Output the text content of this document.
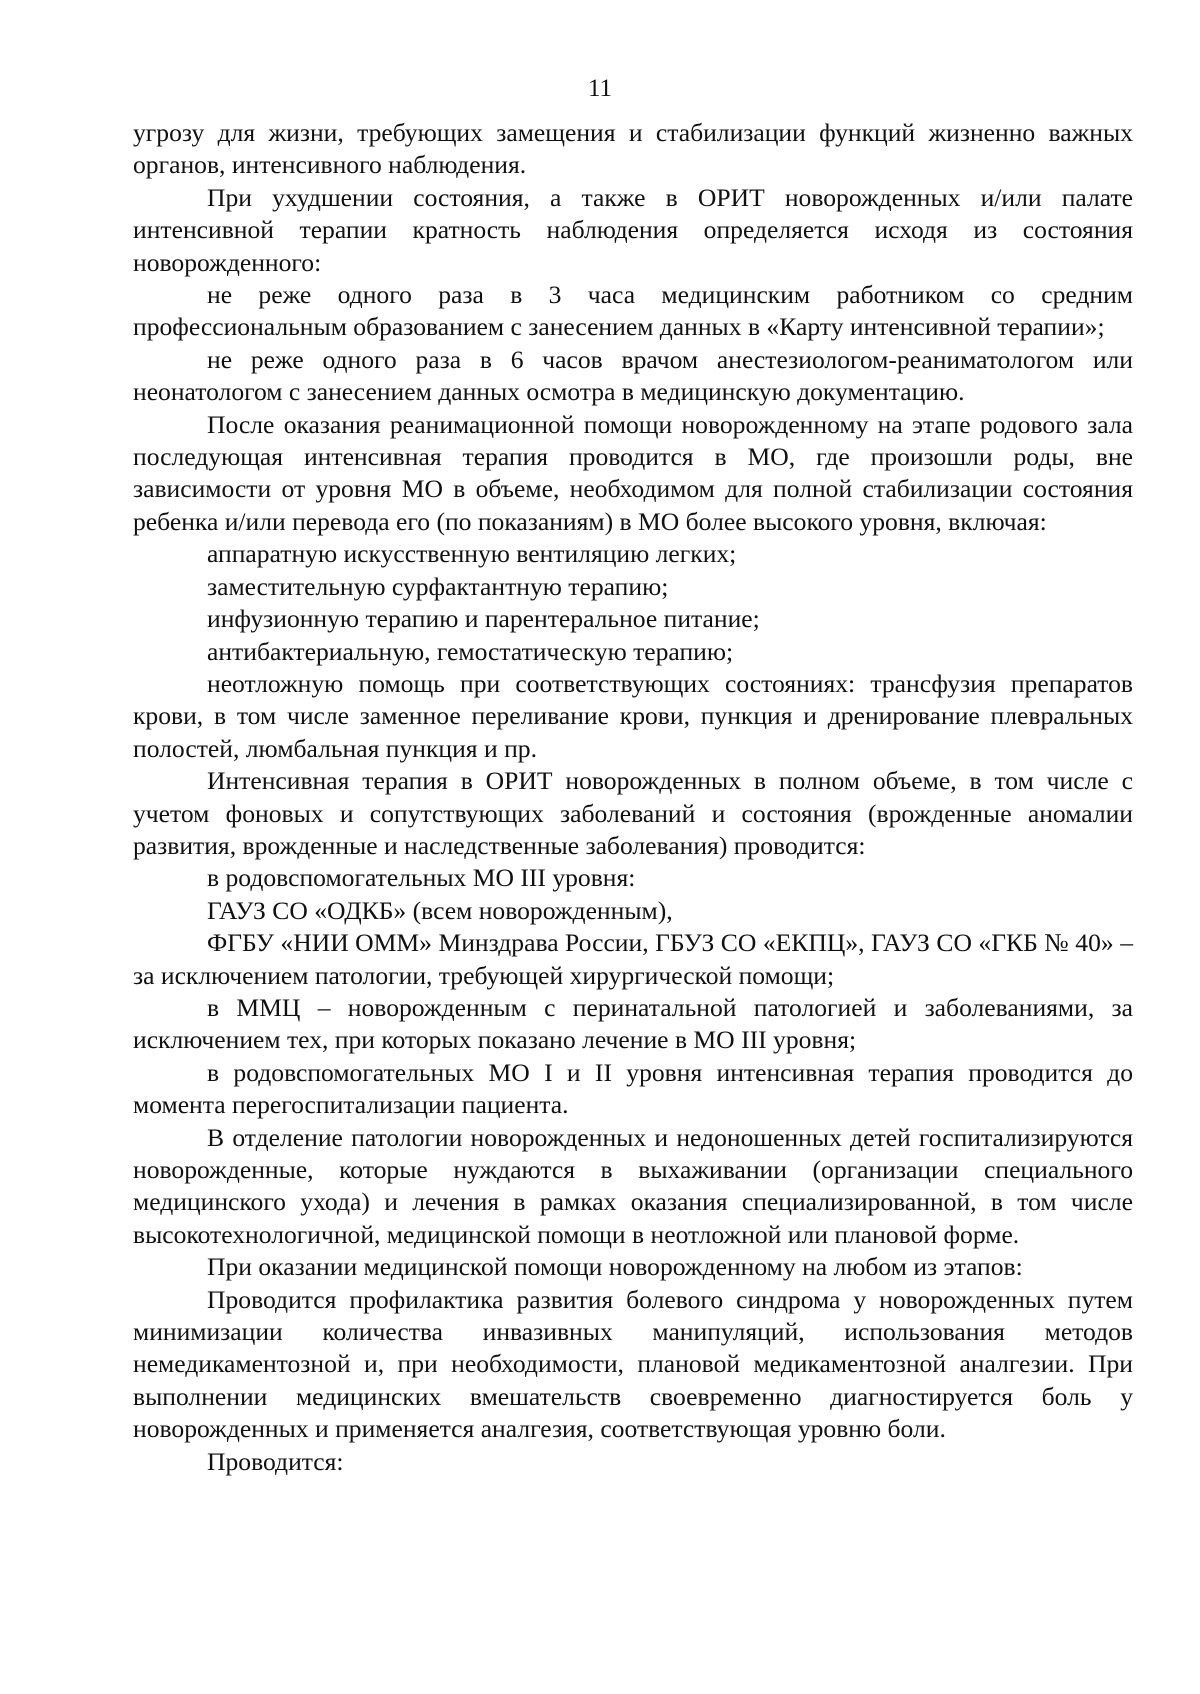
11

угрозу для жизни, требующих замещения и стабилизации функций жизненно важных органов, интенсивного наблюдения.

При ухудшении состояния, а также в ОРИТ новорожденных и/или палате интенсивной терапии кратность наблюдения определяется исходя из состояния новорожденного:

не реже одного раза в 3 часа медицинским работником со средним профессиональным образованием с занесением данных в «Карту интенсивной терапии»;

не реже одного раза в 6 часов врачом анестезиологом-реаниматологом или неонатологом с занесением данных осмотра в медицинскую документацию.

После оказания реанимационной помощи новорожденному на этапе родового зала последующая интенсивная терапия проводится в МО, где произошли роды, вне зависимости от уровня МО в объеме, необходимом для полной стабилизации состояния ребенка и/или перевода его (по показаниям) в МО более высокого уровня, включая:

аппаратную искусственную вентиляцию легких;

заместительную сурфактантную терапию;

инфузионную терапию и парентеральное питание;

антибактериальную, гемостатическую терапию;

неотложную помощь при соответствующих состояниях: трансфузия препаратов крови, в том числе заменное переливание крови, пункция и дренирование плевральных полостей, люмбальная пункция и пр.

Интенсивная терапия в ОРИТ новорожденных в полном объеме, в том числе с учетом фоновых и сопутствующих заболеваний и состояния (врожденные аномалии развития, врожденные и наследственные заболевания) проводится:

в родовспомогательных МО III уровня:

ГАУЗ СО «ОДКБ» (всем новорожденным),

ФГБУ «НИИ ОММ» Минздрава России, ГБУЗ СО «ЕКПЦ», ГАУЗ СО «ГКБ № 40» – за исключением патологии, требующей хирургической помощи;

в ММЦ – новорожденным с перинатальной патологией и заболеваниями, за исключением тех, при которых показано лечение в МО III уровня;

в родовспомогательных МО I и II уровня интенсивная терапия проводится до момента перегоспитализации пациента.

В отделение патологии новорожденных и недоношенных детей госпитализируются новорожденные, которые нуждаются в выхаживании (организации специального медицинского ухода) и лечения в рамках оказания специализированной, в том числе высокотехнологичной, медицинской помощи в неотложной или плановой форме.

При оказании медицинской помощи новорожденному на любом из этапов:

Проводится профилактика развития болевого синдрома у новорожденных путем минимизации количества инвазивных манипуляций, использования методов немедикаментозной и, при необходимости, плановой медикаментозной аналгезии. При выполнении медицинских вмешательств своевременно диагностируется боль у новорожденных и применяется аналгезия, соответствующая уровню боли.

Проводится:
